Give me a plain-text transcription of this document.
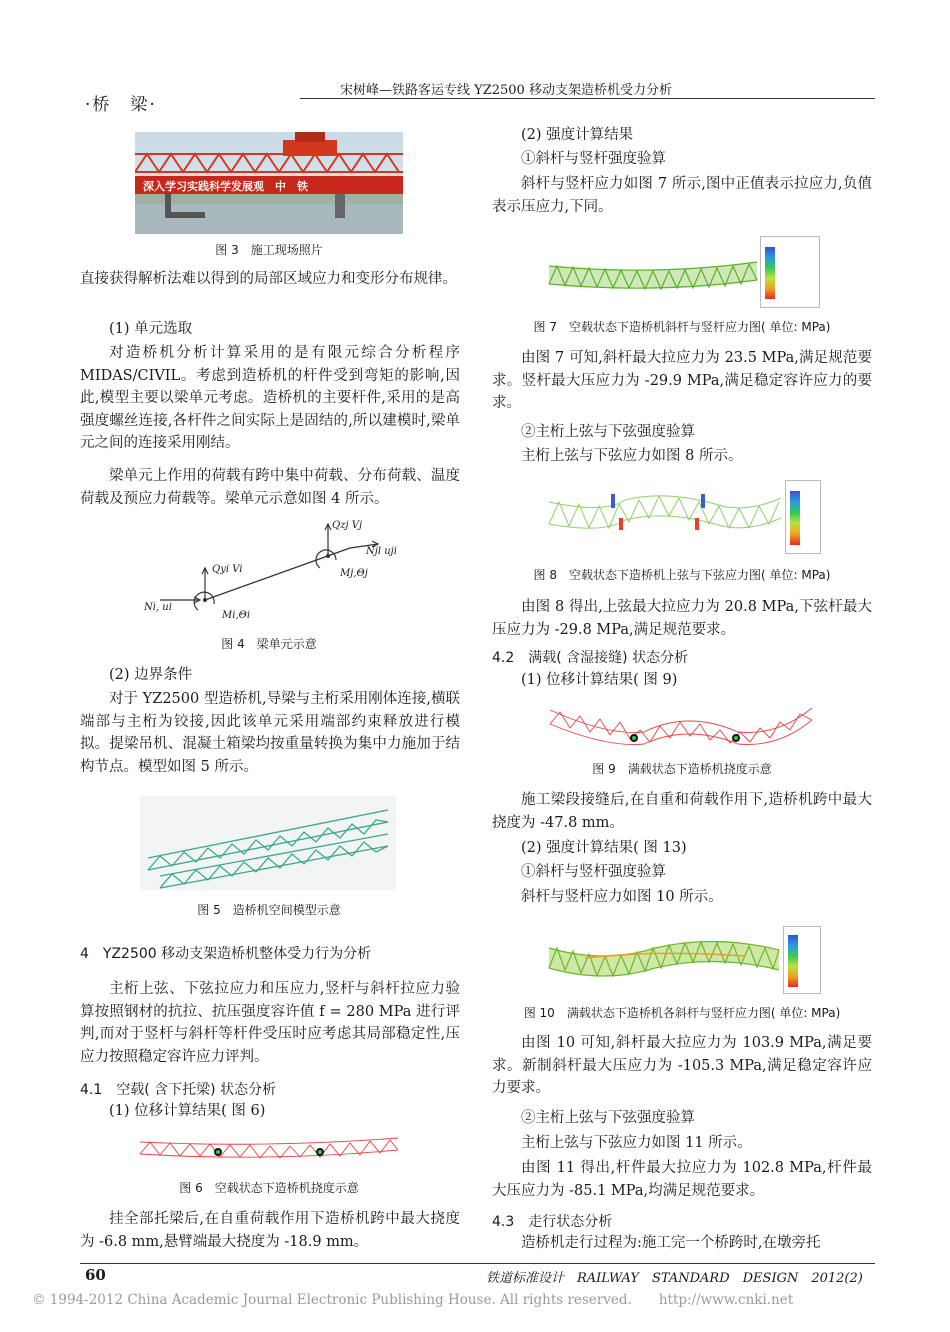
·桥　梁·
宋树峰—铁路客运专线 YZ2500 移动支架造桥机受力分析
深入学习实践科学发展观　中　铁
图 3　施工现场照片
直接获得解析法难以得到的局部区域应力和变形分布规律。
(1) 单元选取
对造桥机分析计算采用的是有限元综合分析程序 MIDAS/CIVIL。考虑到造桥机的杆件受到弯矩的影响,因此,模型主要以梁单元考虑。造桥机的主要杆件,采用的是高强度螺丝连接,各杆件之间实际上是固结的,所以建模时,梁单元之间的连接采用刚结。
梁单元上作用的荷载有跨中集中荷载、分布荷载、温度荷载及预应力荷载等。梁单元示意如图 4 所示。
Qzj Vj
Njl uji
Qyi Vi
Ni, ui
Mi,Θi
Mj,Θj
图 4　梁单元示意
(2) 边界条件
对于 YZ2500 型造桥机,导梁与主桁采用刚体连接,横联端部与主桁为铰接,因此该单元采用端部约束释放进行模拟。提梁吊机、混凝土箱梁均按重量转换为集中力施加于结构节点。模型如图 5 所示。
图 5　造桥机空间模型示意
4　YZ2500 移动支架造桥机整体受力行为分析
主桁上弦、下弦拉应力和压应力,竖杆与斜杆拉应力验算按照钢材的抗拉、抗压强度容许值 f = 280 MPa 进行评判,而对于竖杆与斜杆等杆件受压时应考虑其局部稳定性,压应力按照稳定容许应力评判。
4.1　空载( 含下托梁) 状态分析
(1) 位移计算结果( 图 6)
图 6　空载状态下造桥机挠度示意
挂全部托梁后,在自重荷载作用下造桥机跨中最大挠度为 -6.8 mm,悬臂端最大挠度为 -18.9 mm。
(2) 强度计算结果
①斜杆与竖杆强度验算
斜杆与竖杆应力如图 7 所示,图中正值表示拉应力,负值表示压应力,下同。
图 7　空载状态下造桥机斜杆与竖杆应力图( 单位: MPa)
由图 7 可知,斜杆最大拉应力为 23.5 MPa,满足规范要求。竖杆最大压应力为 -29.9 MPa,满足稳定容许应力的要求。
②主桁上弦与下弦强度验算
主桁上弦与下弦应力如图 8 所示。
图 8　空载状态下造桥机上弦与下弦应力图( 单位: MPa)
由图 8 得出,上弦最大拉应力为 20.8 MPa,下弦杆最大压应力为 -29.8 MPa,满足规范要求。
4.2　满载( 含湿接缝) 状态分析
(1) 位移计算结果( 图 9)
图 9　满载状态下造桥机挠度示意
施工梁段接缝后,在自重和荷载作用下,造桥机跨中最大挠度为 -47.8 mm。
(2) 强度计算结果( 图 13)
①斜杆与竖杆强度验算
斜杆与竖杆应力如图 10 所示。
图 10　满载状态下造桥机各斜杆与竖杆应力图( 单位: MPa)
由图 10 可知,斜杆最大拉应力为 103.9 MPa,满足要求。新制斜杆最大压应力为 -105.3 MPa,满足稳定容许应力要求。
②主桁上弦与下弦强度验算
主桁上弦与下弦应力如图 11 所示。
由图 11 得出,杆件最大拉应力为 102.8 MPa,杆件最大压应力为 -85.1 MPa,均满足规范要求。
4.3　走行状态分析
造桥机走行过程为:施工完一个桥跨时,在墩旁托
60	铁道标准设计　RAILWAY　STANDARD　DESIGN　2012(2)
© 1994-2012 China Academic Journal Electronic Publishing House. All rights reserved.　　http://www.cnki.net
